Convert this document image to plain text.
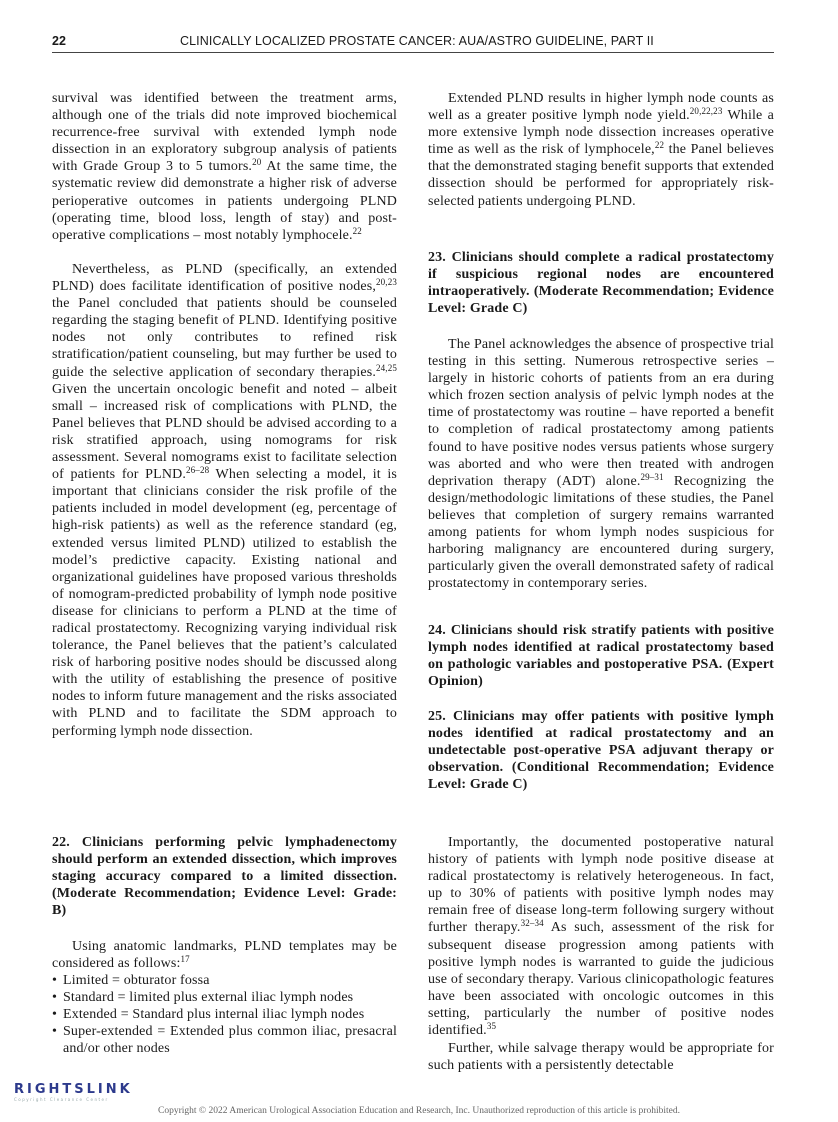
22	CLINICALLY LOCALIZED PROSTATE CANCER: AUA/ASTRO GUIDELINE, PART II

survival was identified between the treatment arms, although one of the trials did note improved biochemical recurrence-free survival with extended lymph node dissection in an exploratory subgroup analysis of patients with Grade Group 3 to 5 tumors.$^{20}$ At the same time, the systematic review did demonstrate a higher risk of adverse perioperative outcomes in patients undergoing PLND (operating time, blood loss, length of stay) and post-operative complications – most notably lymphocele.$^{22}$

Nevertheless, as PLND (specifically, an extended PLND) does facilitate identification of positive nodes,$^{20,23}$ the Panel concluded that patients should be counseled regarding the staging benefit of PLND. Identifying positive nodes not only contributes to refined risk stratification/patient counseling, but may further be used to guide the selective application of secondary therapies.$^{24,25}$ Given the uncertain oncologic benefit and noted – albeit small – increased risk of complications with PLND, the Panel believes that PLND should be advised according to a risk stratified approach, using nomograms for risk assessment. Several nomograms exist to facilitate selection of patients for PLND.$^{26-28}$ When selecting a model, it is important that clinicians consider the risk profile of the patients included in model development (eg, percentage of high-risk patients) as well as the reference standard (eg, extended versus limited PLND) utilized to establish the model’s predictive capacity. Existing national and organizational guidelines have proposed various thresholds of nomogram-predicted probability of lymph node positive disease for clinicians to perform a PLND at the time of radical prostatectomy. Recognizing varying individual risk tolerance, the Panel believes that the patient’s calculated risk of harboring positive nodes should be discussed along with the utility of establishing the presence of positive nodes to inform future management and the risks associated with PLND and to facilitate the SDM approach to performing lymph node dissection.

22. Clinicians performing pelvic lymphadenectomy should perform an extended dissection, which improves staging accuracy compared to a limited dissection. (Moderate Recommendation; Evidence Level: Grade: B)

Using anatomic landmarks, PLND templates may be considered as follows:$^{17}$

• Limited = obturator fossa
• Standard = limited plus external iliac lymph nodes
• Extended = Standard plus internal iliac lymph nodes
• Super-extended = Extended plus common iliac, presacral and/or other nodes

Extended PLND results in higher lymph node counts as well as a greater positive lymph node yield.$^{20,22,23}$ While a more extensive lymph node dissection increases operative time as well as the risk of lymphocele,$^{22}$ the Panel believes that the demonstrated staging benefit supports that extended dissection should be performed for appropriately risk-selected patients undergoing PLND.

23. Clinicians should complete a radical prostatectomy if suspicious regional nodes are encountered intraoperatively. (Moderate Recommendation; Evidence Level: Grade C)

The Panel acknowledges the absence of prospective trial testing in this setting. Numerous retrospective series – largely in historic cohorts of patients from an era during which frozen section analysis of pelvic lymph nodes at the time of prostatectomy was routine – have reported a benefit to completion of radical prostatectomy among patients found to have positive nodes versus patients whose surgery was aborted and who were then treated with androgen deprivation therapy (ADT) alone.$^{29-31}$ Recognizing the design/methodologic limitations of these studies, the Panel believes that completion of surgery remains warranted among patients for whom lymph nodes suspicious for harboring malignancy are encountered during surgery, particularly given the overall demonstrated safety of radical prostatectomy in contemporary series.

24. Clinicians should risk stratify patients with positive lymph nodes identified at radical prostatectomy based on pathologic variables and postoperative PSA. (Expert Opinion)

25. Clinicians may offer patients with positive lymph nodes identified at radical prostatectomy and an undetectable post-operative PSA adjuvant therapy or observation. (Conditional Recommendation; Evidence Level: Grade C)

Importantly, the documented postoperative natural history of patients with lymph node positive disease at radical prostatectomy is relatively heterogeneous. In fact, up to 30% of patients with positive lymph nodes may remain free of disease long-term following surgery without further therapy.$^{32-34}$ As such, assessment of the risk for subsequent disease progression among patients with positive lymph nodes is warranted to guide the judicious use of secondary therapy. Various clinicopathologic features have been associated with oncologic outcomes in this setting, particularly the number of positive nodes identified.$^{35}$

Further, while salvage therapy would be appropriate for such patients with a persistently detectable

RIGHTSLINK
Copyright Clearance Center
Copyright © 2022 American Urological Association Education and Research, Inc. Unauthorized reproduction of this article is prohibited.
